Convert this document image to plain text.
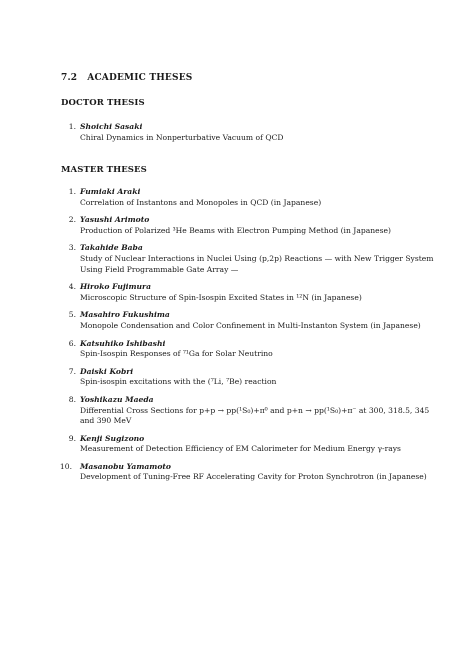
7.2 ACADEMIC THESES
DOCTOR THESIS
1. Shoichi Sasaki
Chiral Dynamics in Nonperturbative Vacuum of QCD
MASTER THESES
1. Fumiaki Araki
Correlation of Instantons and Monopoles in QCD (in Japanese)
2. Yasushi Arimoto
Production of Polarized ³He Beams with Electron Pumping Method (in Japanese)
3. Takahide Baba
Study of Nuclear Interactions in Nuclei Using (p,2p) Reactions — with New Trigger System Using Field Programmable Gate Array —
4. Hiroko Fujimura
Microscopic Structure of Spin-Isospin Excited States in ¹²N (in Japanese)
5. Masahiro Fukushima
Monopole Condensation and Color Confinement in Multi-Instanton System (in Japanese)
6. Katsuhiko Ishibashi
Spin-Isospin Responses of ⁷¹Ga for Solar Neutrino
7. Daiski Kobri
Spin-isospin excitations with the (⁷Li, ⁷Be) reaction
8. Yoshikazu Maeda
Differential Cross Sections for p+p → pp(¹S₀)+π⁰ and p+n → pp(¹S₀)+π⁻ at 300, 318.5, 345 and 390 MeV
9. Kenji Sugizono
Measurement of Detection Efficiency of EM Calorimeter for Medium Energy γ-rays
10. Masanobu Yamamoto
Development of Tuning-Free RF Accelerating Cavity for Proton Synchrotron (in Japanese)
